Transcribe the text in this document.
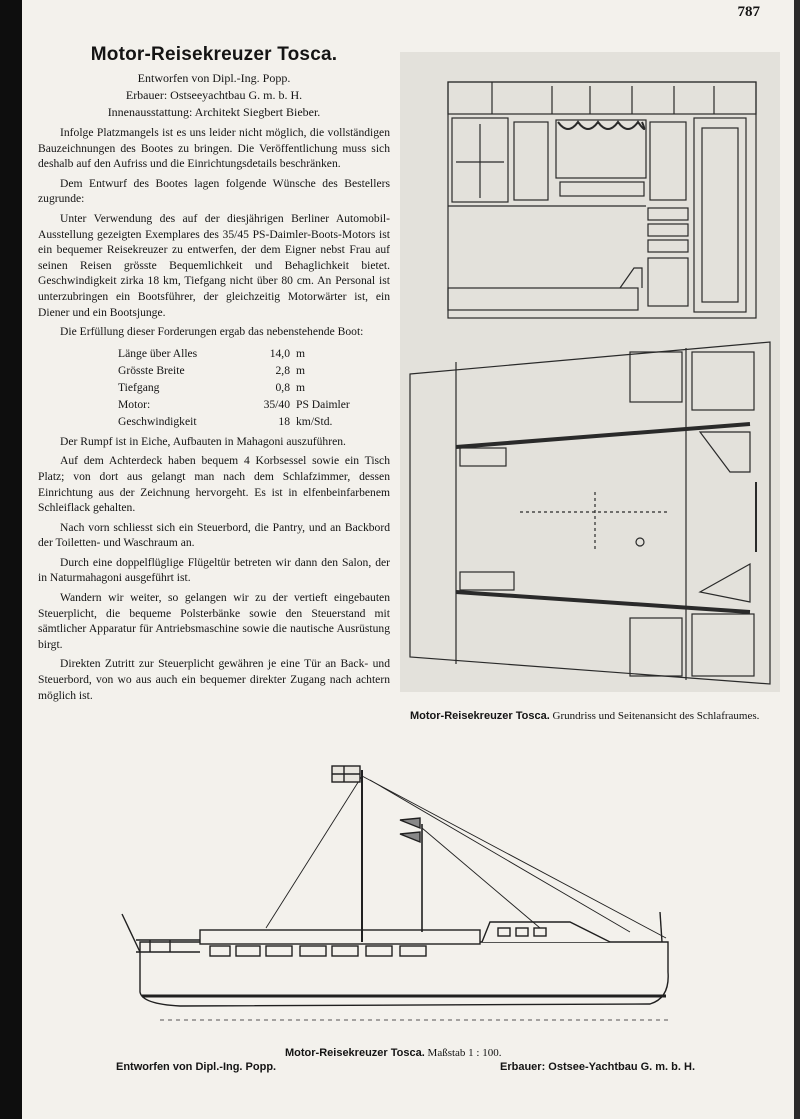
787
Motor-Reisekreuzer Tosca.

Entworfen von Dipl.-Ing. Popp.

Erbauer: Ostseeyachtbau G. m. b. H.

Innenausstattung: Architekt Siegbert Bieber.

Infolge Platzmangels ist es uns leider nicht möglich, die vollständigen Bauzeichnungen des Bootes zu bringen. Die Veröffentlichung muss sich deshalb auf den Aufriss und die Einrichtungsdetails beschränken.

Dem Entwurf des Bootes lagen folgende Wünsche des Bestellers zugrunde:

Unter Verwendung des auf der diesjährigen Berliner Automobil-Ausstellung gezeigten Exemplares des 35/45 PS-Daimler-Boots-Motors ist ein bequemer Reisekreuzer zu entwerfen, der dem Eigner nebst Frau auf seinen Reisen grösste Bequemlichkeit und Behaglichkeit bietet. Geschwindigkeit zirka 18 km, Tiefgang nicht über 80 cm. An Personal ist unterzubringen ein Bootsführer, der gleichzeitig Motorwärter ist, ein Diener und ein Bootsjunge.

Die Erfüllung dieser Forderungen ergab das nebenstehende Boot:

Länge über Alles	14,0	m
Grösste Breite	2,8	m
Tiefgang	0,8	m
Motor:	35/40	PS Daimler
Geschwindigkeit	18	km/Std.

Der Rumpf ist in Eiche, Aufbauten in Mahagoni auszuführen.

Auf dem Achterdeck haben bequem 4 Korbsessel sowie ein Tisch Platz; von dort aus gelangt man nach dem Schlafzimmer, dessen Einrichtung aus der Zeichnung hervorgeht. Es ist in elfenbeinfarbenem Schleiflack gehalten.

Nach vorn schliesst sich ein Steuerbord, die Pantry, und an Backbord der Toiletten- und Waschraum an.

Durch eine doppelflüglige Flügeltür betreten wir dann den Salon, der in Naturmahagoni ausgeführt ist.

Wandern wir weiter, so gelangen wir zu der vertieft eingebauten Steuerplicht, die bequeme Polsterbänke sowie den Steuerstand mit sämtlicher Apparatur für Antriebsmaschine sowie die nautische Ausrüstung birgt.

Direkten Zutritt zur Steuerplicht gewähren je eine Tür an Back- und Steuerbord, von wo aus auch ein bequemer direkter Zugang nach achtern möglich ist.

Motor-Reisekreuzer Tosca. Grundriss und Seitenansicht des Schlafraumes.
Motor-Reisekreuzer Tosca. Maßstab 1 : 100.
Entworfen von Dipl.-Ing. Popp.	Erbauer: Ostsee-Yachtbau G. m. b. H.
